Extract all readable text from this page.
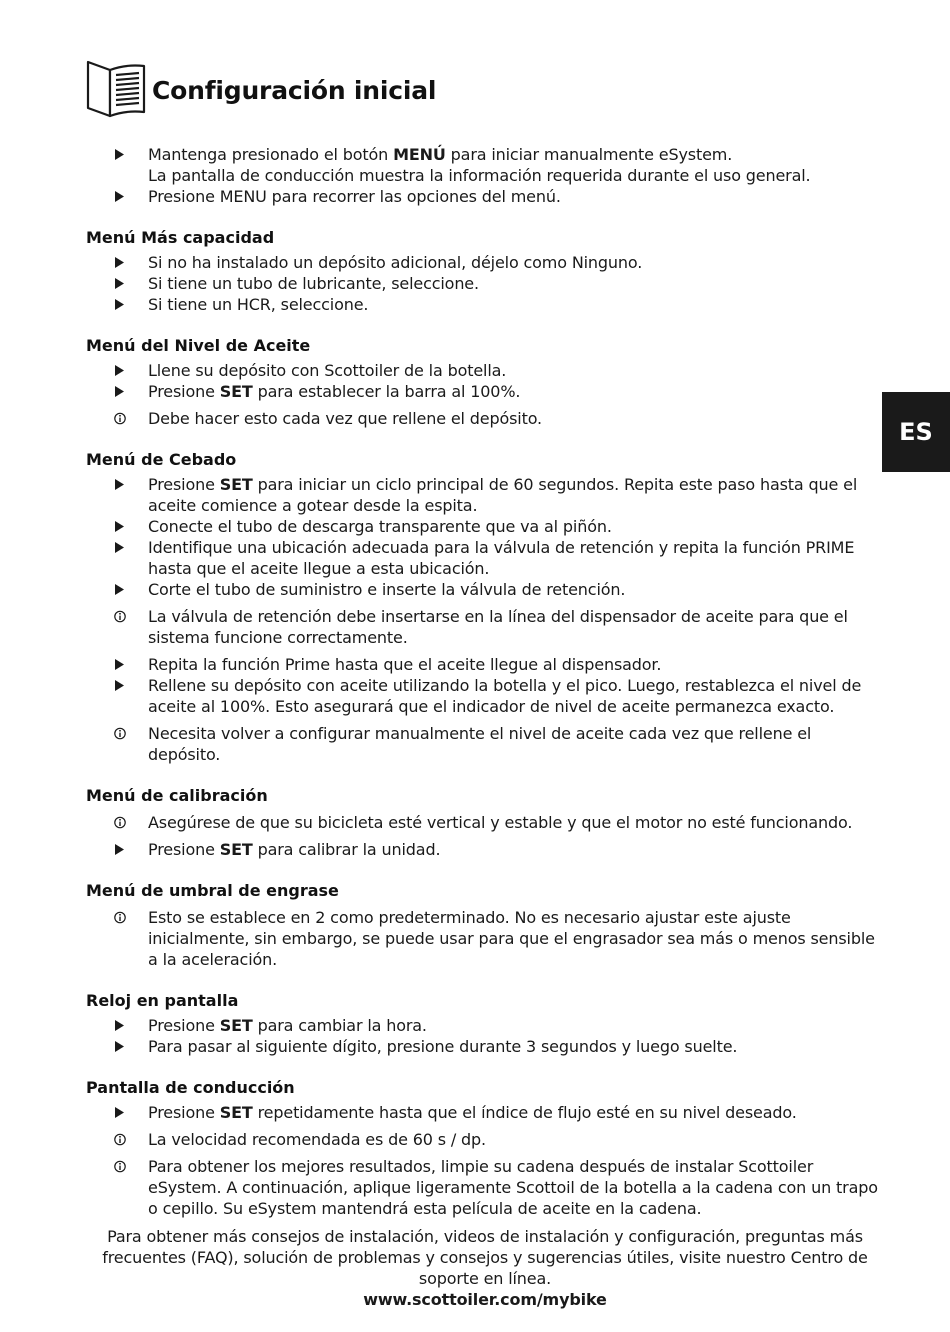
Configuración inicial
ES
Mantenga presionado el botón MENÚ para iniciar manualmente eSystem.
La pantalla de conducción muestra la información requerida durante el uso general.
Presione MENU para recorrer las opciones del menú.
Menú Más capacidad
Si no ha instalado un depósito adicional, déjelo como Ninguno.
Si tiene un tubo de lubricante, seleccione.
Si tiene un HCR, seleccione.
Menú del Nivel de Aceite
Llene su depósito con Scottoiler de la botella.
Presione SET para establecer la barra al 100%.
Debe hacer esto cada vez que rellene el depósito.
Menú de Cebado
Presione SET para iniciar un ciclo principal de 60 segundos. Repita este paso hasta que el aceite comience a gotear desde la espita.
Conecte el tubo de descarga transparente que va al piñón.
Identifique una ubicación adecuada para la válvula de retención y repita la función PRIME hasta que el aceite llegue a esta ubicación.
Corte el tubo de suministro e inserte la válvula de retención.
La válvula de retención debe insertarse en la línea del dispensador de aceite para que el sistema funcione correctamente.
Repita la función Prime hasta que el aceite llegue al dispensador.
Rellene su depósito con aceite utilizando la botella y el pico. Luego, restablezca el nivel de aceite al 100%. Esto asegurará que el indicador de nivel de aceite permanezca exacto.
Necesita volver a configurar manualmente el nivel de aceite cada vez que rellene el depósito.
Menú de calibración
Asegúrese de que su bicicleta esté vertical y estable y que el motor no esté funcionando.
Presione SET para calibrar la unidad.
Menú de umbral de engrase
Esto se establece en 2 como predeterminado. No es necesario ajustar este ajuste inicialmente, sin embargo, se puede usar para que el engrasador sea más o menos sensible a la aceleración.
Reloj en pantalla
Presione SET para cambiar la hora.
Para pasar al siguiente dígito, presione durante 3 segundos y luego suelte.
Pantalla de conducción
Presione SET repetidamente hasta que el índice de flujo esté en su nivel deseado.
La velocidad recomendada es de 60 s / dp.
Para obtener los mejores resultados, limpie su cadena después de instalar Scottoiler eSystem. A continuación, aplique ligeramente Scottoil de la botella a la cadena con un trapo o cepillo. Su eSystem mantendrá esta película de aceite en la cadena.
Para obtener más consejos de instalación, videos de instalación y configuración, preguntas más frecuentes (FAQ), solución de problemas y consejos y sugerencias útiles, visite nuestro Centro de soporte en línea.
www.scottoiler.com/mybike
